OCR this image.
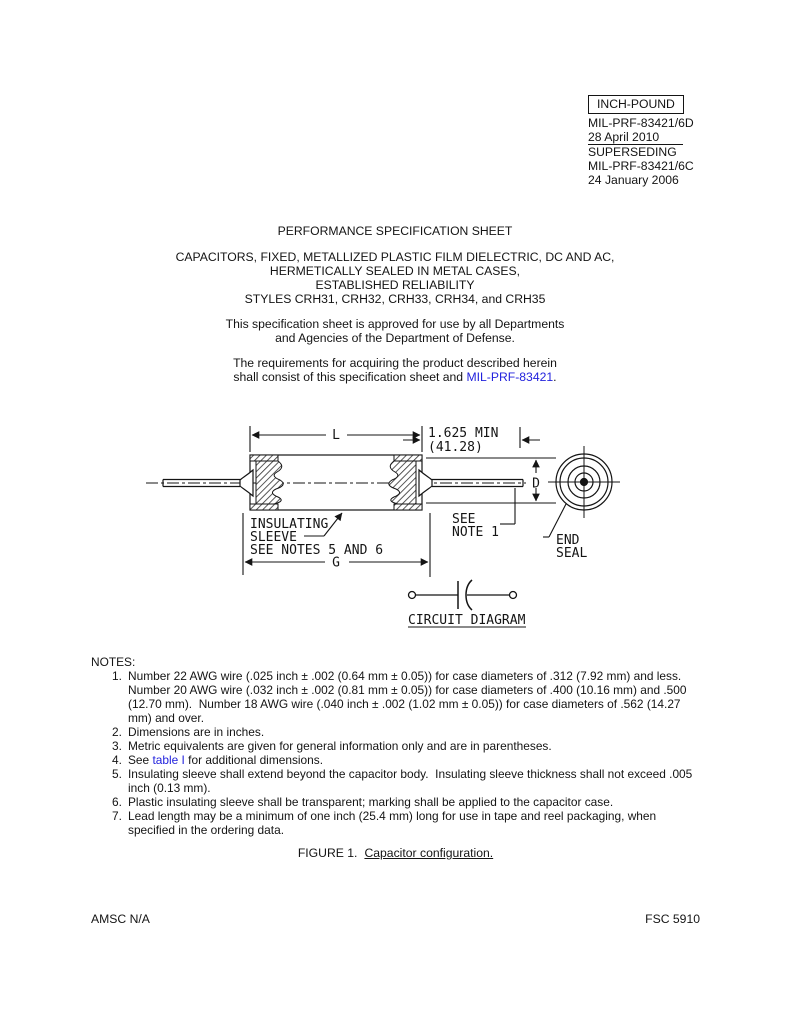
INCH-POUND
MIL-PRF-83421/6D
28 April 2010
SUPERSEDING
MIL-PRF-83421/6C
24 January 2006
PERFORMANCE SPECIFICATION SHEET
CAPACITORS, FIXED, METALLIZED PLASTIC FILM DIELECTRIC, DC AND AC,
HERMETICALLY SEALED IN METAL CASES,
ESTABLISHED RELIABILITY
STYLES CRH31, CRH32, CRH33, CRH34, and CRH35
This specification sheet is approved for use by all Departments
and Agencies of the Department of Defense.
The requirements for acquiring the product described herein
shall consist of this specification sheet and MIL-PRF-83421.
L	1.625 MIN
(41.28)
D
INSULATING
SLEEVE
SEE NOTES 5 AND 6
SEE
NOTE 1
END
SEAL
G
CIRCUIT DIAGRAM
NOTES:
1. Number 22 AWG wire (.025 inch ± .002 (0.64 mm ± 0.05)) for case diameters of .312 (7.92 mm) and less. Number 20 AWG wire (.032 inch ± .002 (0.81 mm ± 0.05)) for case diameters of .400 (10.16 mm) and .500 (12.70 mm).  Number 18 AWG wire (.040 inch ± .002 (1.02 mm ± 0.05)) for case diameters of .562 (14.27 mm) and over.
2. Dimensions are in inches.
3. Metric equivalents are given for general information only and are in parentheses.
4. See table I for additional dimensions.
5. Insulating sleeve shall extend beyond the capacitor body.  Insulating sleeve thickness shall not exceed .005 inch (0.13 mm).
6. Plastic insulating sleeve shall be transparent; marking shall be applied to the capacitor case.
7. Lead length may be a minimum of one inch (25.4 mm) long for use in tape and reel packaging, when specified in the ordering data.
FIGURE 1. Capacitor configuration.
AMSC N/A	FSC 5910
